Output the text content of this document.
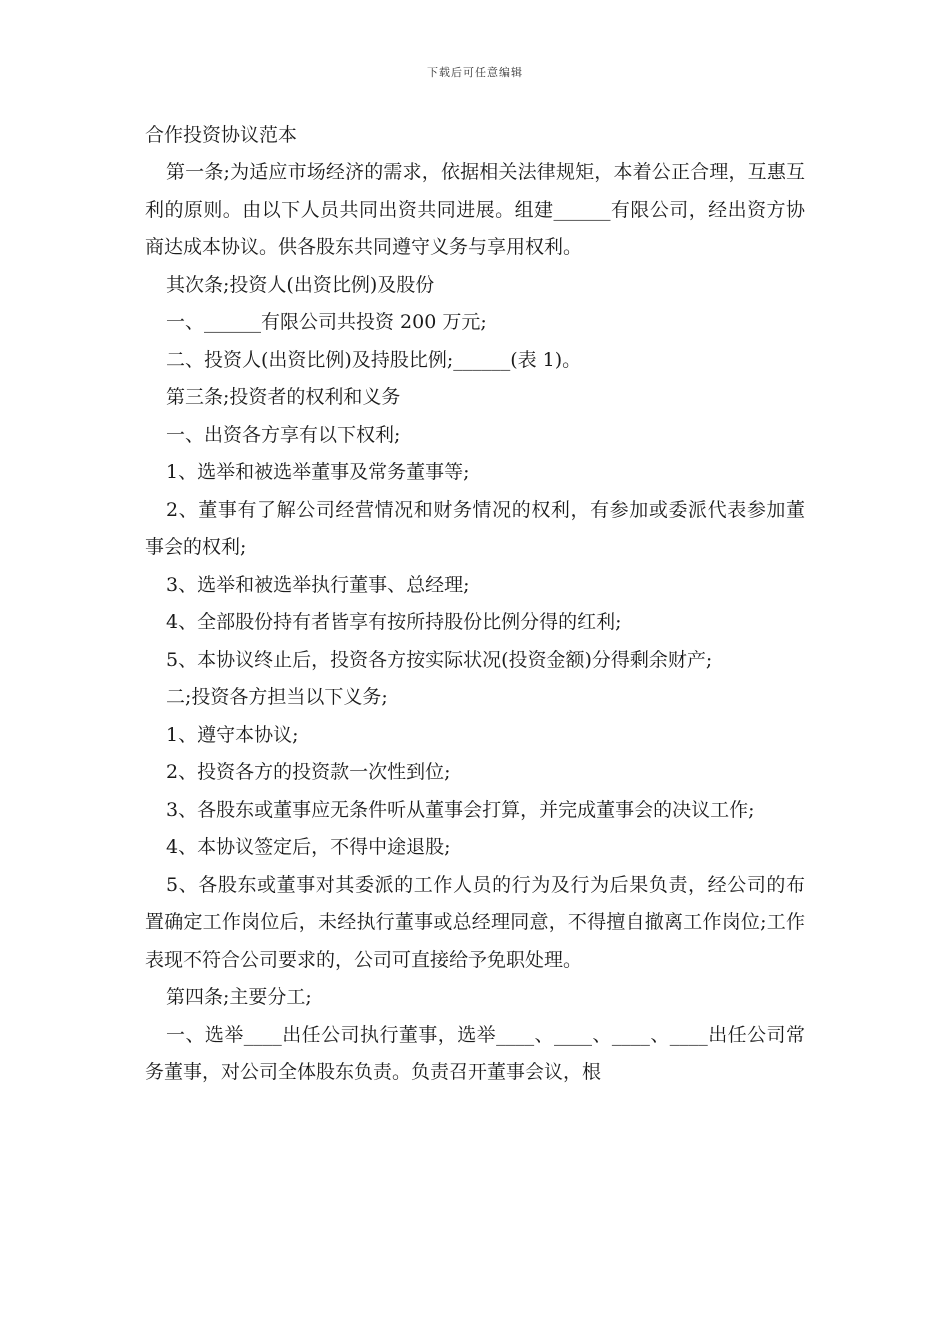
下载后可任意编辑

合作投资协议范本

第一条;为适应市场经济的需求，依据相关法律规矩，本着公正合理，互惠互利的原则。由以下人员共同出资共同进展。组建______有限公司，经出资方协商达成本协议。供各股东共同遵守义务与享用权利。

其次条;投资人(出资比例)及股份

一、______有限公司共投资 200 万元;

二、投资人(出资比例)及持股比例;______(表 1)。

第三条;投资者的权利和义务

一、出资各方享有以下权利;

1、选举和被选举董事及常务董事等;

2、董事有了解公司经营情况和财务情况的权利，有参加或委派代表参加董事会的权利;

3、选举和被选举执行董事、总经理;

4、全部股份持有者皆享有按所持股份比例分得的红利;

5、本协议终止后，投资各方按实际状况(投资金额)分得剩余财产;

二;投资各方担当以下义务;

1、遵守本协议;

2、投资各方的投资款一次性到位;

3、各股东或董事应无条件听从董事会打算，并完成董事会的决议工作;

4、本协议签定后，不得中途退股;

5、各股东或董事对其委派的工作人员的行为及行为后果负责，经公司的布置确定工作岗位后，未经执行董事或总经理同意，不得擅自撤离工作岗位;工作表现不符合公司要求的，公司可直接给予免职处理。

第四条;主要分工;

一、选举____出任公司执行董事，选举____、____、____、____出任公司常务董事，对公司全体股东负责。负责召开董事会议，根
